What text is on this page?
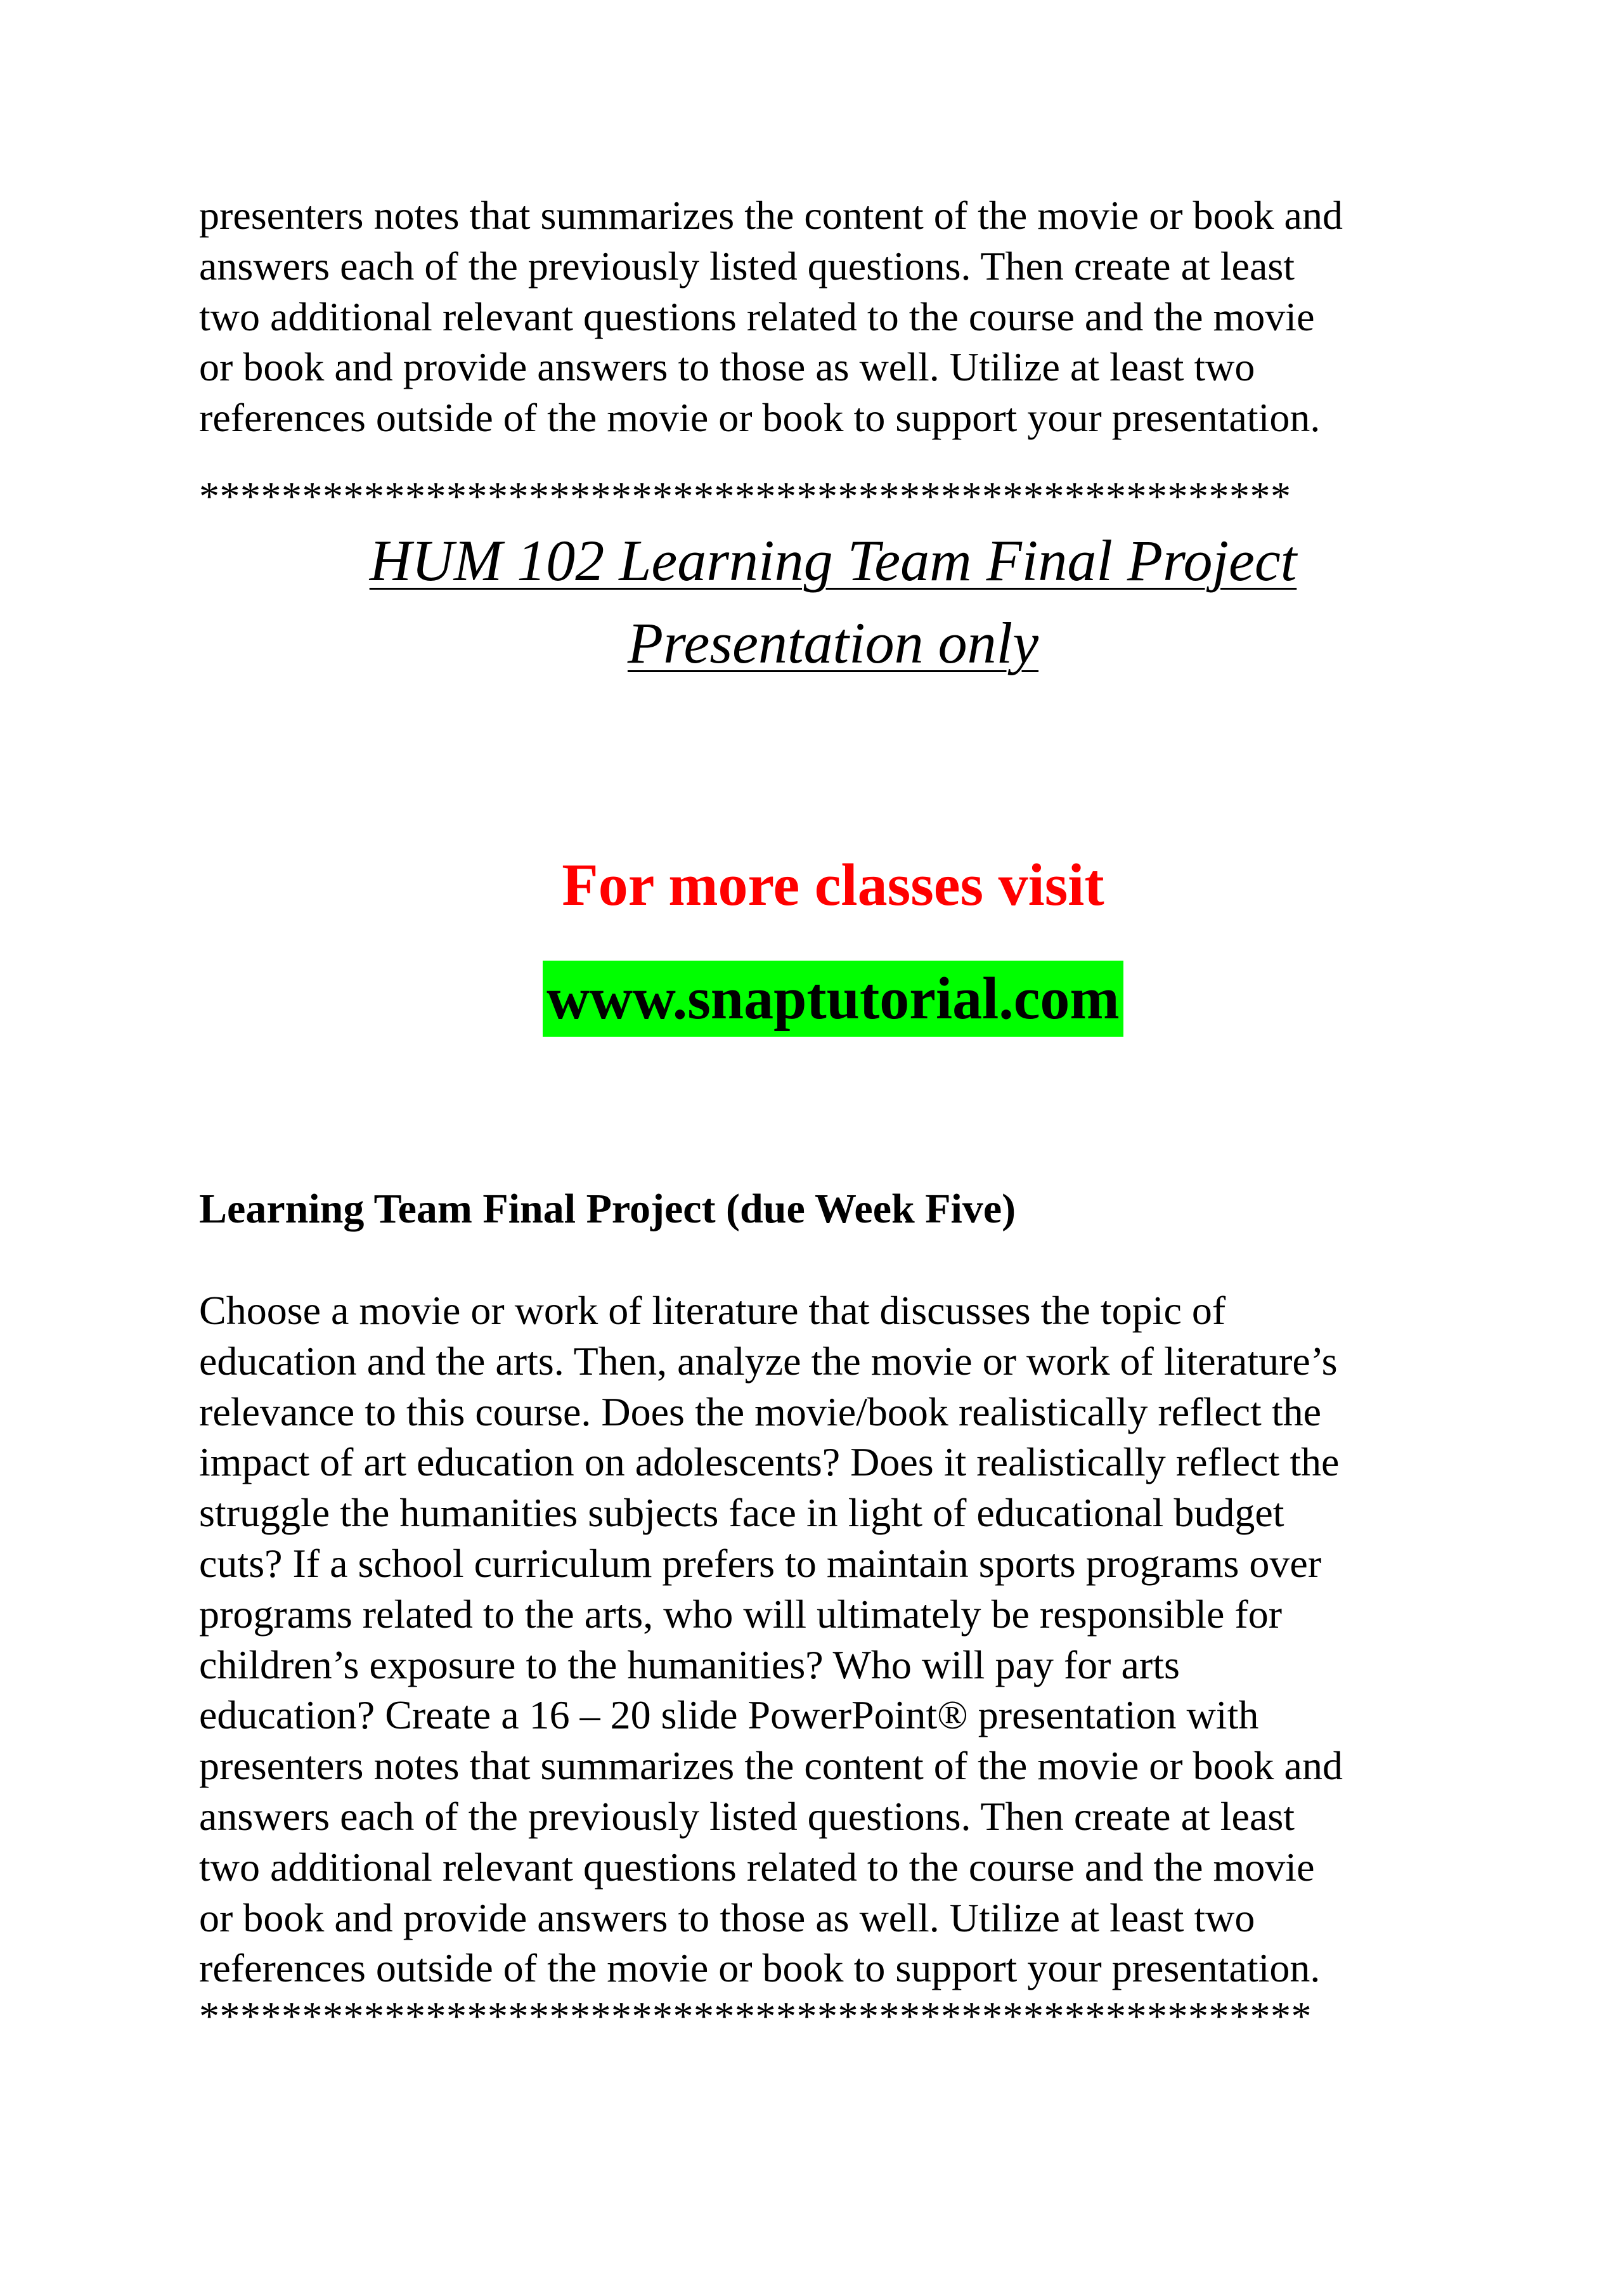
presenters notes that summarizes the content of the movie or book and
answers each of the previously listed questions. Then create at least
two additional relevant questions related to the course and the movie
or book and provide answers to those as well. Utilize at least two
references outside of the movie or book to support your presentation.
*****************************************************
HUM 102 Learning Team Final Project
Presentation only
For more classes visit
www.snaptutorial.com
Learning Team Final Project (due Week Five)
Choose a movie or work of literature that discusses the topic of
education and the arts. Then, analyze the movie or work of literature’s
relevance to this course. Does the movie/book realistically reflect the
impact of art education on adolescents? Does it realistically reflect the
struggle the humanities subjects face in light of educational budget
cuts? If a school curriculum prefers to maintain sports programs over
programs related to the arts, who will ultimately be responsible for
children’s exposure to the humanities? Who will pay for arts
education? Create a 16 – 20 slide PowerPoint® presentation with
presenters notes that summarizes the content of the movie or book and
answers each of the previously listed questions. Then create at least
two additional relevant questions related to the course and the movie
or book and provide answers to those as well. Utilize at least two
references outside of the movie or book to support your presentation.
******************************************************
